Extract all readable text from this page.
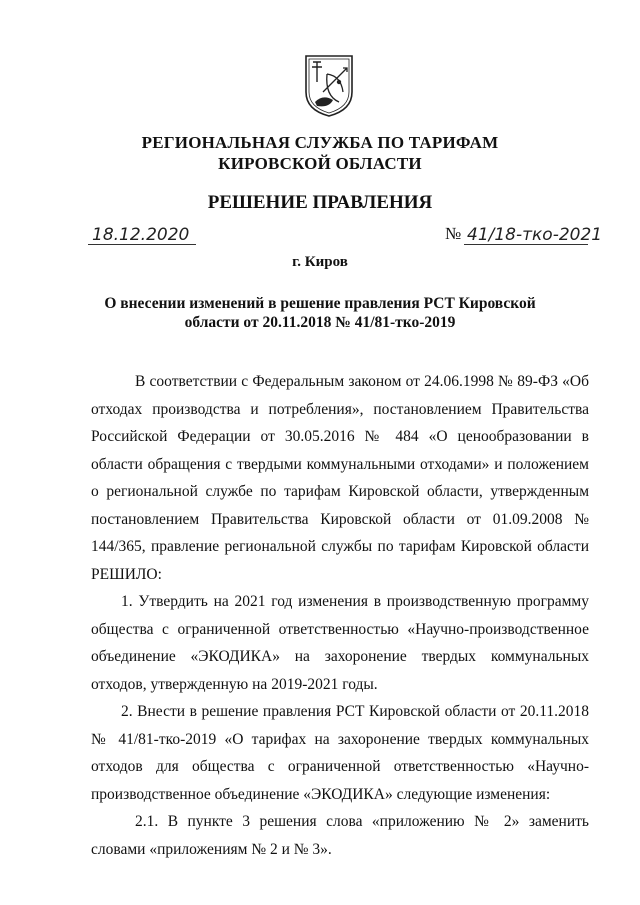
РЕГИОНАЛЬНАЯ СЛУЖБА ПО ТАРИФАМ
КИРОВСКОЙ ОБЛАСТИ
РЕШЕНИЕ ПРАВЛЕНИЯ
18.12.2020	№ 41/18-тко-2021
г. Киров
О внесении изменений в решение правления РСТ Кировской
области от 20.11.2018 № 41/81-тко-2019

В соответствии с Федеральным законом от 24.06.1998 № 89-ФЗ «Об отходах производства и потребления», постановлением Правительства Российской Федерации от 30.05.2016 № 484 «О ценообразовании в области обращения с твердыми коммунальными отходами» и положением о региональной службе по тарифам Кировской области, утвержденным постановлением Правительства Кировской области от 01.09.2008 № 144/365, правление региональной службы по тарифам Кировской области РЕШИЛО:

1. Утвердить на 2021 год изменения в производственную программу общества с ограниченной ответственностью «Научно-производственное объединение «ЭКОДИКА» на захоронение твердых коммунальных отходов, утвержденную на 2019-2021 годы.

2. Внести в решение правления РСТ Кировской области от 20.11.2018 № 41/81-тко-2019 «О тарифах на захоронение твердых коммунальных отходов для общества с ограниченной ответственностью «Научно-производственное объединение «ЭКОДИКА» следующие изменения:

2.1. В пункте 3 решения слова «приложению № 2» заменить словами «приложениям № 2 и № 3».
